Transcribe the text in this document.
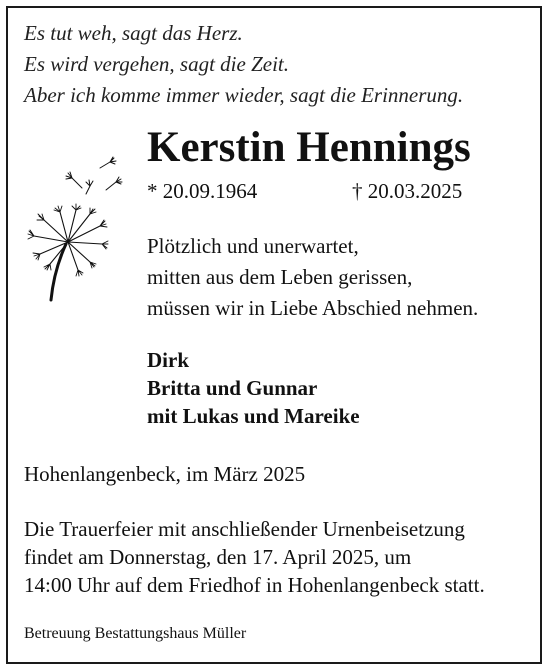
Es tut weh, sagt das Herz.
Es wird vergehen, sagt die Zeit.
Aber ich komme immer wieder, sagt die Erinnerung.
Kerstin Hennings
* 20.09.1964	† 20.03.2025
Plötzlich und unerwartet,
mitten aus dem Leben gerissen,
müssen wir in Liebe Abschied nehmen.
Dirk
Britta und Gunnar
mit Lukas und Mareike
Hohenlangenbeck, im März 2025
Die Trauerfeier mit anschließender Urnenbeisetzung
findet am Donnerstag, den 17. April 2025, um
14:00 Uhr auf dem Friedhof in Hohenlangenbeck statt.
Betreuung Bestattungshaus Müller
